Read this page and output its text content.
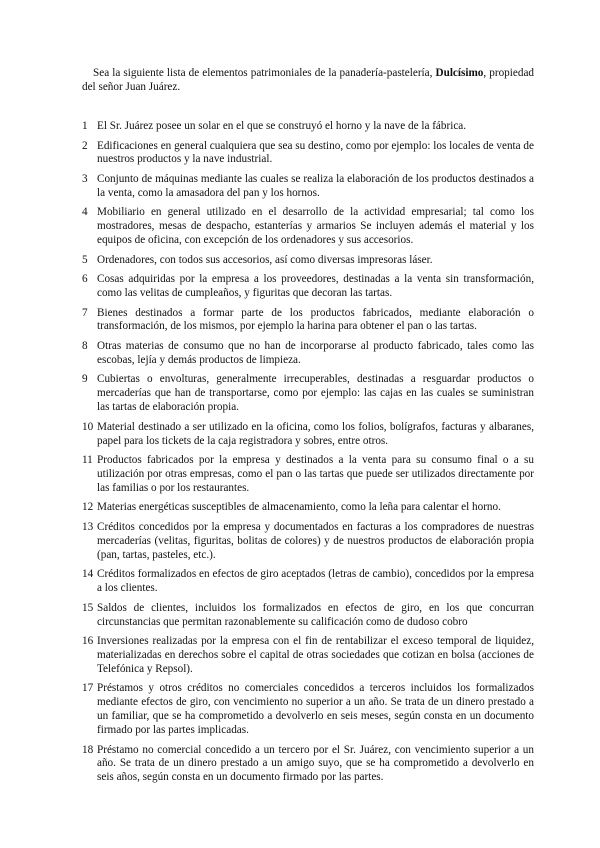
Sea la siguiente lista de elementos patrimoniales de la panadería-pastelería, Dulcísimo, propiedad del señor Juan Juárez.

1 El Sr. Juárez posee un solar en el que se construyó el horno y la nave de la fábrica.
2 Edificaciones en general cualquiera que sea su destino, como por ejemplo: los locales de venta de nuestros productos y la nave industrial.
3 Conjunto de máquinas mediante las cuales se realiza la elaboración de los productos destinados a la venta, como la amasadora del pan y los hornos.
4 Mobiliario en general utilizado en el desarrollo de la actividad empresarial; tal como los mostradores, mesas de despacho, estanterías y armarios Se incluyen además el material y los equipos de oficina, con excepción de los ordenadores y sus accesorios.
5 Ordenadores, con todos sus accesorios, así como diversas impresoras láser.
6 Cosas adquiridas por la empresa a los proveedores, destinadas a la venta sin transformación, como las velitas de cumpleaños, y figuritas que decoran las tartas.
7 Bienes destinados a formar parte de los productos fabricados, mediante elaboración o transformación, de los mismos, por ejemplo la harina para obtener el pan o las tartas.
8 Otras materias de consumo que no han de incorporarse al producto fabricado, tales como las escobas, lejía y demás productos de limpieza.
9 Cubiertas o envolturas, generalmente irrecuperables, destinadas a resguardar productos o mercaderías que han de transportarse, como por ejemplo: las cajas en las cuales se suministran las tartas de elaboración propia.
10 Material destinado a ser utilizado en la oficina, como los folios, bolígrafos, facturas y albaranes, papel para los tickets de la caja registradora y sobres, entre otros.
11 Productos fabricados por la empresa y destinados a la venta para su consumo final o a su utilización por otras empresas, como el pan o las tartas que puede ser utilizados directamente por las familias o por los restaurantes.
12 Materias energéticas susceptibles de almacenamiento, como la leña para calentar el horno.
13 Créditos concedidos por la empresa y documentados en facturas a los compradores de nuestras mercaderías (velitas, figuritas, bolitas de colores) y de nuestros productos de elaboración propia (pan, tartas, pasteles, etc.).
14 Créditos formalizados en efectos de giro aceptados (letras de cambio), concedidos por la empresa a los clientes.
15 Saldos de clientes, incluidos los formalizados en efectos de giro, en los que concurran circunstancias que permitan razonablemente su calificación como de dudoso cobro
16 Inversiones realizadas por la empresa con el fin de rentabilizar el exceso temporal de liquidez, materializadas en derechos sobre el capital de otras sociedades que cotizan en bolsa (acciones de Telefónica y Repsol).
17 Préstamos y otros créditos no comerciales concedidos a terceros incluidos los formalizados mediante efectos de giro, con vencimiento no superior a un año. Se trata de un dinero prestado a un familiar, que se ha comprometido a devolverlo en seis meses, según consta en un documento firmado por las partes implicadas.
18 Préstamo no comercial concedido a un tercero por el Sr. Juárez, con vencimiento superior a un año. Se trata de un dinero prestado a un amigo suyo, que se ha comprometido a devolverlo en seis años, según consta en un documento firmado por las partes.
